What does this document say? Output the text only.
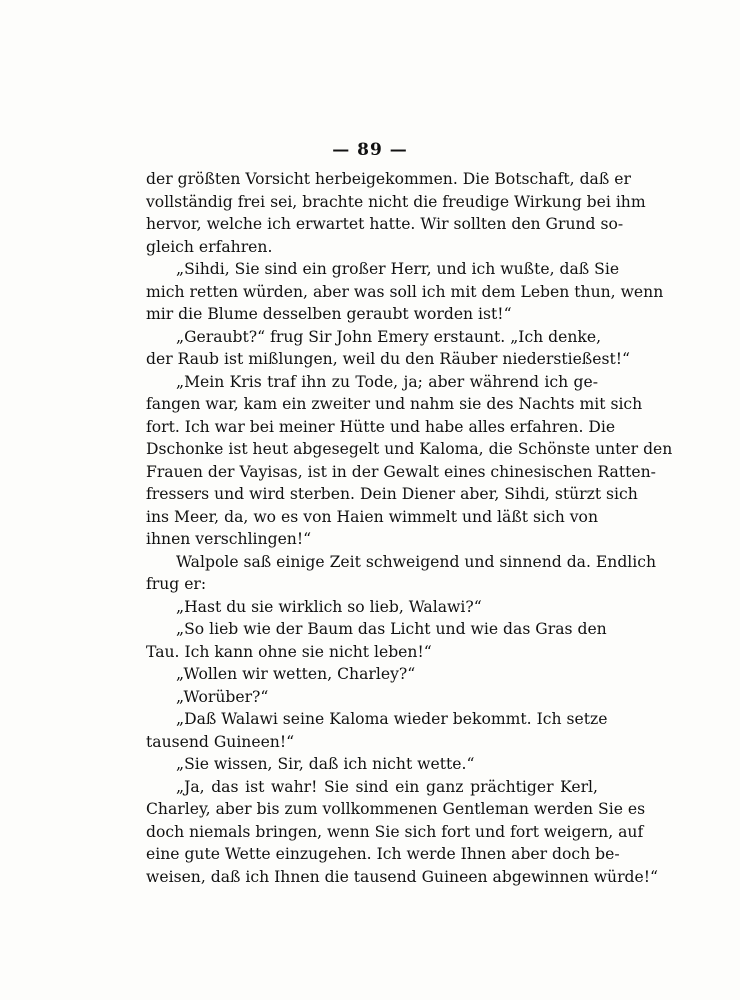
— 89 —
der größten Vorsicht herbeigekommen. Die Botschaft, daß er
vollständig frei sei, brachte nicht die freudige Wirkung bei ihm
hervor, welche ich erwartet hatte. Wir sollten den Grund so-
gleich erfahren.
„Sihdi, Sie sind ein großer Herr, und ich wußte, daß Sie
mich retten würden, aber was soll ich mit dem Leben thun, wenn
mir die Blume desselben geraubt worden ist!“
„Geraubt?“ frug Sir John Emery erstaunt. „Ich denke,
der Raub ist mißlungen, weil du den Räuber niederstießest!“
„Mein Kris traf ihn zu Tode, ja; aber während ich ge-
fangen war, kam ein zweiter und nahm sie des Nachts mit sich
fort. Ich war bei meiner Hütte und habe alles erfahren. Die
Dschonke ist heut abgesegelt und Kaloma, die Schönste unter den
Frauen der Vayisas, ist in der Gewalt eines chinesischen Ratten-
fressers und wird sterben. Dein Diener aber, Sihdi, stürzt sich
ins Meer, da, wo es von Haien wimmelt und läßt sich von
ihnen verschlingen!“
Walpole saß einige Zeit schweigend und sinnend da. Endlich
frug er:
„Hast du sie wirklich so lieb, Walawi?“
„So lieb wie der Baum das Licht und wie das Gras den
Tau. Ich kann ohne sie nicht leben!“
„Wollen wir wetten, Charley?“
„Worüber?“
„Daß Walawi seine Kaloma wieder bekommt. Ich setze
tausend Guineen!“
„Sie wissen, Sir, daß ich nicht wette.“
„Ja, das ist wahr! Sie sind ein ganz prächtiger Kerl,
Charley, aber bis zum vollkommenen Gentleman werden Sie es
doch niemals bringen, wenn Sie sich fort und fort weigern, auf
eine gute Wette einzugehen. Ich werde Ihnen aber doch be-
weisen, daß ich Ihnen die tausend Guineen abgewinnen würde!“
